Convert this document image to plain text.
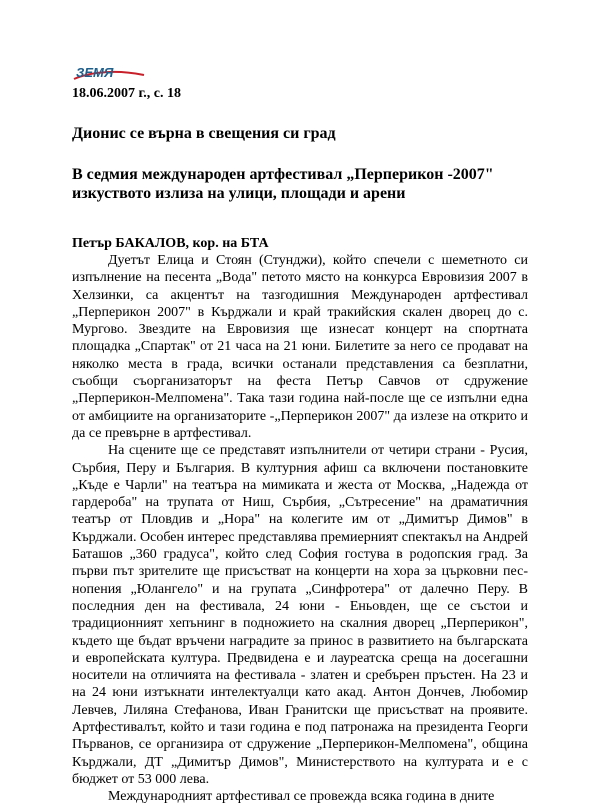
ЗЕМЯ

18.06.2007 г., с. 18

Дионис се върна в свещения си град
В седмия международен артфестивал „Перперикон -2007" изкуството излиза на улици, площади и арени

Петър БАКАЛОВ, кор. на БТА

Дуетът Елица и Стоян (Стунджи), който спечели с шеметното си изпълнение на песента „Вода" петото място на конкурса Евровизия 2007 в Хелзинки, са акцентът на тазгодишния Международен артфестивал „Перперикон 2007" в Кърджали и край тракийския скален дворец до с. Мургово. Звездите на Евровизия ще изнесат концерт на спортната площадка „Спартак" от 21 часа на 21 юни. Билетите за него се продават на няколко места в града, всички останали представления са безплатни, съобщи съорганизаторът на феста Петър Савчов от сдружение „Перперикон-Мелпомена". Така тази година най-после ще се изпълни една от амбициите на организаторите -„Перперикон 2007" да излезе на открито и да се превърне в артфестивал.

На сцените ще се представят изпълнители от четири страни - Русия, Сърбия, Перу и България. В културния афиш са включени постановките „Къде е Чарли" на театъра на мимиката и жеста от Москва, „Надежда от гардероба" на трупата от Ниш, Сърбия, „Сътресение" на драматичния театър от Пловдив и „Нора" на колегите им от „Димитър Димов" в Кърджали. Особен интерес представлява премиерният спектакъл на Андрей Баташов „360 градуса", който след София гостува в родопския град. За първи път зрителите ще присъстват на концерти на хора за църковни пес-нопения „Юлангело" и на групата „Синфротера" от далечно Перу. В последния ден на фестивала, 24 юни - Еньовден, ще се състои и традиционният хепънинг в подножието на скалния дворец „Перперикон", където ще бъдат връчени наградите за принос в развитието на българската и европейската култура. Предвидена е и лауреатска среща на досегашни носители на отличията на фестивала - златен и сребърен пръстен. На 23 и на 24 юни изтъкнати интелектуалци като акад. Антон Дончев, Любомир Левчев, Лиляна Стефанова, Иван Гранитски ще присъстват на проявите. Артфестивалът, който и тази година е под патронажа на президента Георги Първанов, се организира от сдружение „Перперикон-Мелпомена", община Кърджали, ДТ „Димитър Димов", Министерството на културата и е с бюджет от 53 000 лева.

Международният артфестивал се провежда всяка година в дните
